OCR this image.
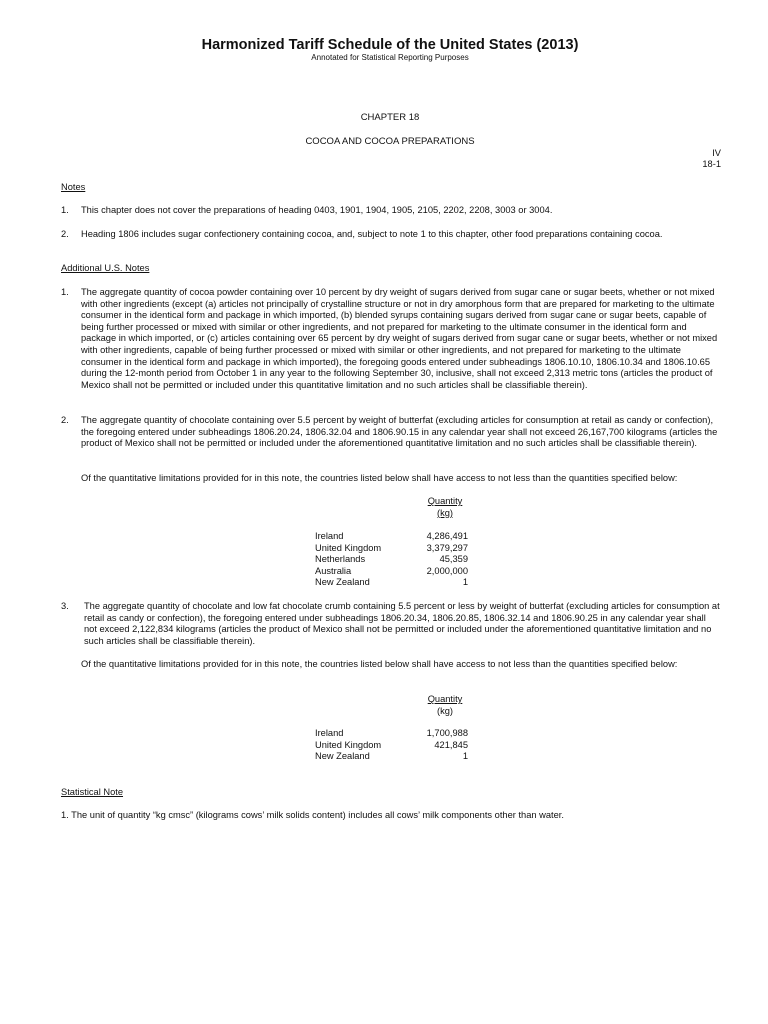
Harmonized Tariff Schedule of the United States (2013)
Annotated for Statistical Reporting Purposes
CHAPTER 18
COCOA AND COCOA PREPARATIONS
IV
18-1
Notes
1. This chapter does not cover the preparations of heading 0403, 1901, 1904, 1905, 2105, 2202, 2208, 3003 or 3004.
2. Heading 1806 includes sugar confectionery containing cocoa, and, subject to note 1 to this chapter, other food preparations containing cocoa.
Additional U.S. Notes
1. The aggregate quantity of cocoa powder containing over 10 percent by dry weight of sugars derived from sugar cane or sugar beets, whether or not mixed with other ingredients (except (a) articles not principally of crystalline structure or not in dry amorphous form that are prepared for marketing to the ultimate consumer in the identical form and package in which imported, (b) blended syrups containing sugars derived from sugar cane or sugar beets, capable of being further processed or mixed with similar or other ingredients, and not prepared for marketing to the ultimate consumer in the identical form and package in which imported, or (c) articles containing over 65 percent by dry weight of sugars derived from sugar cane or sugar beets, whether or not mixed with other ingredients, capable of being further processed or mixed with similar or other ingredients, and not prepared for marketing to the ultimate consumer in the identical form and package in which imported), the foregoing goods entered under subheadings 1806.10.10, 1806.10.34 and 1806.10.65 during the 12-month period from October 1 in any year to the following September 30, inclusive, shall not exceed 2,313 metric tons (articles the product of Mexico shall not be permitted or included under this quantitative limitation and no such articles shall be classifiable therein).
2. The aggregate quantity of chocolate containing over 5.5 percent by weight of butterfat (excluding articles for consumption at retail as candy or confection), the foregoing entered under subheadings 1806.20.24, 1806.32.04 and 1806.90.15 in any calendar year shall not exceed 26,167,700 kilograms (articles the product of Mexico shall not be permitted or included under the aforementioned quantitative limitation and no such articles shall be classifiable therein).
Of the quantitative limitations provided for in this note, the countries listed below shall have access to not less than the quantities specified below:
Quantity
(kg)
Ireland	4,286,491
United Kingdom	3,379,297
Netherlands	45,359
Australia	2,000,000
New Zealand	1
3. The aggregate quantity of chocolate and low fat chocolate crumb containing 5.5 percent or less by weight of butterfat (excluding articles for consumption at retail as candy or confection), the foregoing entered under subheadings 1806.20.34, 1806.20.85, 1806.32.14 and 1806.90.25 in any calendar year shall not exceed 2,122,834 kilograms (articles the product of Mexico shall not be permitted or included under the aforementioned quantitative limitation and no such articles shall be classifiable therein).
Of the quantitative limitations provided for in this note, the countries listed below shall have access to not less than the quantities specified below:
Quantity
(kg)
Ireland	1,700,988
United Kingdom	421,845
New Zealand	1
Statistical Note
1. The unit of quantity “kg cmsc” (kilograms cows’ milk solids content) includes all cows’ milk components other than water.
